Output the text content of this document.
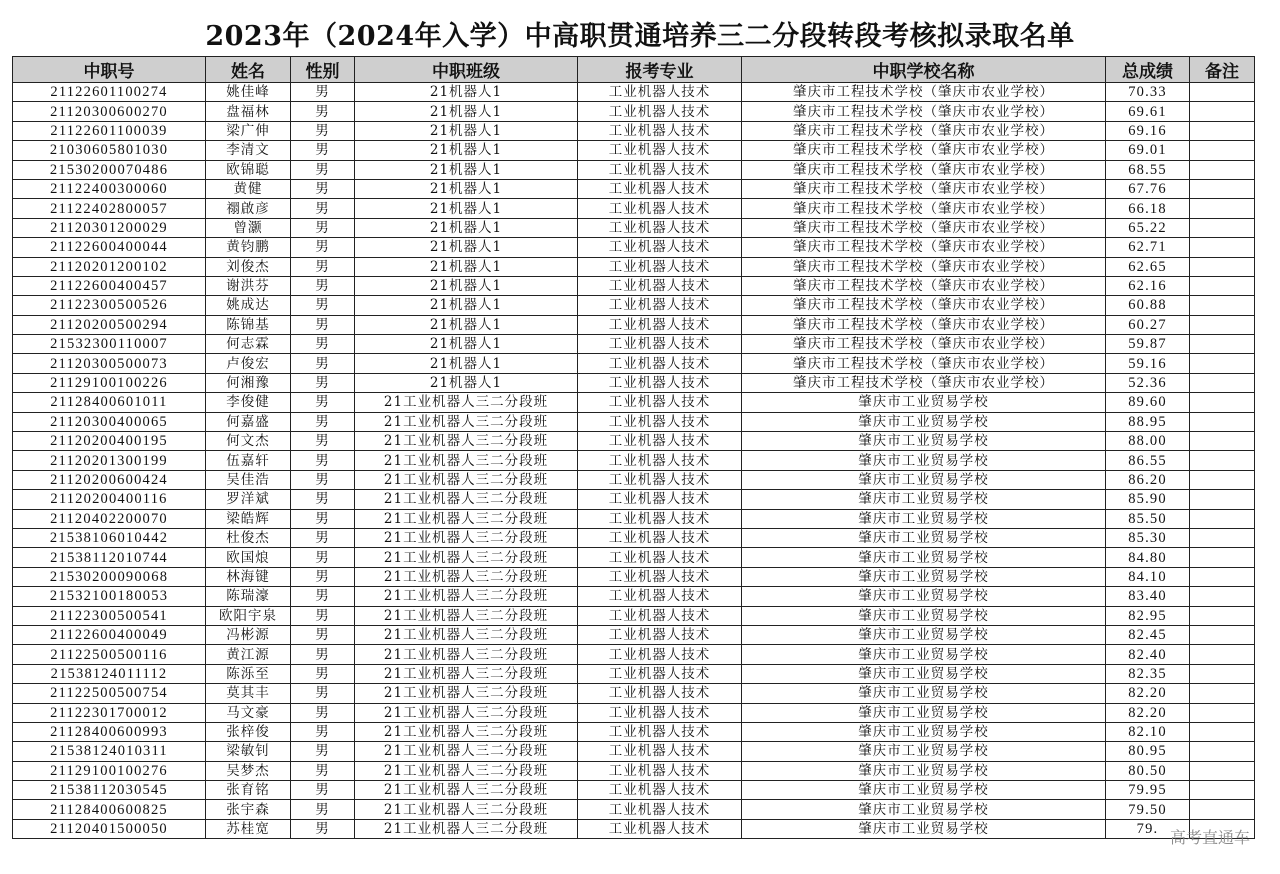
2023年（2024年入学）中高职贯通培养三二分段转段考核拟录取名单
中职号	姓名	性别	中职班级	报考专业	中职学校名称	总成绩	备注
21122601100274	姚佳峰	男	21机器人1	工业机器人技术	肇庆市工程技术学校（肇庆市农业学校）	70.33	
21120300600270	盘福林	男	21机器人1	工业机器人技术	肇庆市工程技术学校（肇庆市农业学校）	69.61	
21122601100039	梁广伸	男	21机器人1	工业机器人技术	肇庆市工程技术学校（肇庆市农业学校）	69.16	
21030605801030	李清文	男	21机器人1	工业机器人技术	肇庆市工程技术学校（肇庆市农业学校）	69.01	
21530200070486	欧锦聪	男	21机器人1	工业机器人技术	肇庆市工程技术学校（肇庆市农业学校）	68.55	
21122400300060	黄健	男	21机器人1	工业机器人技术	肇庆市工程技术学校（肇庆市农业学校）	67.76	
21122402800057	禤啟彦	男	21机器人1	工业机器人技术	肇庆市工程技术学校（肇庆市农业学校）	66.18	
21120301200029	曾灏	男	21机器人1	工业机器人技术	肇庆市工程技术学校（肇庆市农业学校）	65.22	
21122600400044	黄钧鹏	男	21机器人1	工业机器人技术	肇庆市工程技术学校（肇庆市农业学校）	62.71	
21120201200102	刘俊杰	男	21机器人1	工业机器人技术	肇庆市工程技术学校（肇庆市农业学校）	62.65	
21122600400457	谢洪芬	男	21机器人1	工业机器人技术	肇庆市工程技术学校（肇庆市农业学校）	62.16	
21122300500526	姚成达	男	21机器人1	工业机器人技术	肇庆市工程技术学校（肇庆市农业学校）	60.88	
21120200500294	陈锦基	男	21机器人1	工业机器人技术	肇庆市工程技术学校（肇庆市农业学校）	60.27	
21532300110007	何志霖	男	21机器人1	工业机器人技术	肇庆市工程技术学校（肇庆市农业学校）	59.87	
21120300500073	卢俊宏	男	21机器人1	工业机器人技术	肇庆市工程技术学校（肇庆市农业学校）	59.16	
21129100100226	何湘豫	男	21机器人1	工业机器人技术	肇庆市工程技术学校（肇庆市农业学校）	52.36	
21128400601011	李俊健	男	21工业机器人三二分段班	工业机器人技术	肇庆市工业贸易学校	89.60	
21120300400065	何嘉盛	男	21工业机器人三二分段班	工业机器人技术	肇庆市工业贸易学校	88.95	
21120200400195	何文杰	男	21工业机器人三二分段班	工业机器人技术	肇庆市工业贸易学校	88.00	
21120201300199	伍嘉轩	男	21工业机器人三二分段班	工业机器人技术	肇庆市工业贸易学校	86.55	
21120200600424	吴佳浩	男	21工业机器人三二分段班	工业机器人技术	肇庆市工业贸易学校	86.20	
21120200400116	罗洋斌	男	21工业机器人三二分段班	工业机器人技术	肇庆市工业贸易学校	85.90	
21120402200070	梁皓辉	男	21工业机器人三二分段班	工业机器人技术	肇庆市工业贸易学校	85.50	
21538106010442	杜俊杰	男	21工业机器人三二分段班	工业机器人技术	肇庆市工业贸易学校	85.30	
21538112010744	欧国烺	男	21工业机器人三二分段班	工业机器人技术	肇庆市工业贸易学校	84.80	
21530200090068	林海键	男	21工业机器人三二分段班	工业机器人技术	肇庆市工业贸易学校	84.10	
21532100180053	陈瑞濠	男	21工业机器人三二分段班	工业机器人技术	肇庆市工业贸易学校	83.40	
21122300500541	欧阳宇泉	男	21工业机器人三二分段班	工业机器人技术	肇庆市工业贸易学校	82.95	
21122600400049	冯彬源	男	21工业机器人三二分段班	工业机器人技术	肇庆市工业贸易学校	82.45	
21122500500116	黄江源	男	21工业机器人三二分段班	工业机器人技术	肇庆市工业贸易学校	82.40	
21538124011112	陈泺至	男	21工业机器人三二分段班	工业机器人技术	肇庆市工业贸易学校	82.35	
21122500500754	莫其丰	男	21工业机器人三二分段班	工业机器人技术	肇庆市工业贸易学校	82.20	
21122301700012	马文豪	男	21工业机器人三二分段班	工业机器人技术	肇庆市工业贸易学校	82.20	
21128400600993	张梓俊	男	21工业机器人三二分段班	工业机器人技术	肇庆市工业贸易学校	82.10	
21538124010311	梁敏钊	男	21工业机器人三二分段班	工业机器人技术	肇庆市工业贸易学校	80.95	
21129100100276	吴梦杰	男	21工业机器人三二分段班	工业机器人技术	肇庆市工业贸易学校	80.50	
21538112030545	张育铭	男	21工业机器人三二分段班	工业机器人技术	肇庆市工业贸易学校	79.95	
21128400600825	张宇森	男	21工业机器人三二分段班	工业机器人技术	肇庆市工业贸易学校	79.50	
21120401500050	苏桂宽	男	21工业机器人三二分段班	工业机器人技术	肇庆市工业贸易学校	79.	高考直通车
